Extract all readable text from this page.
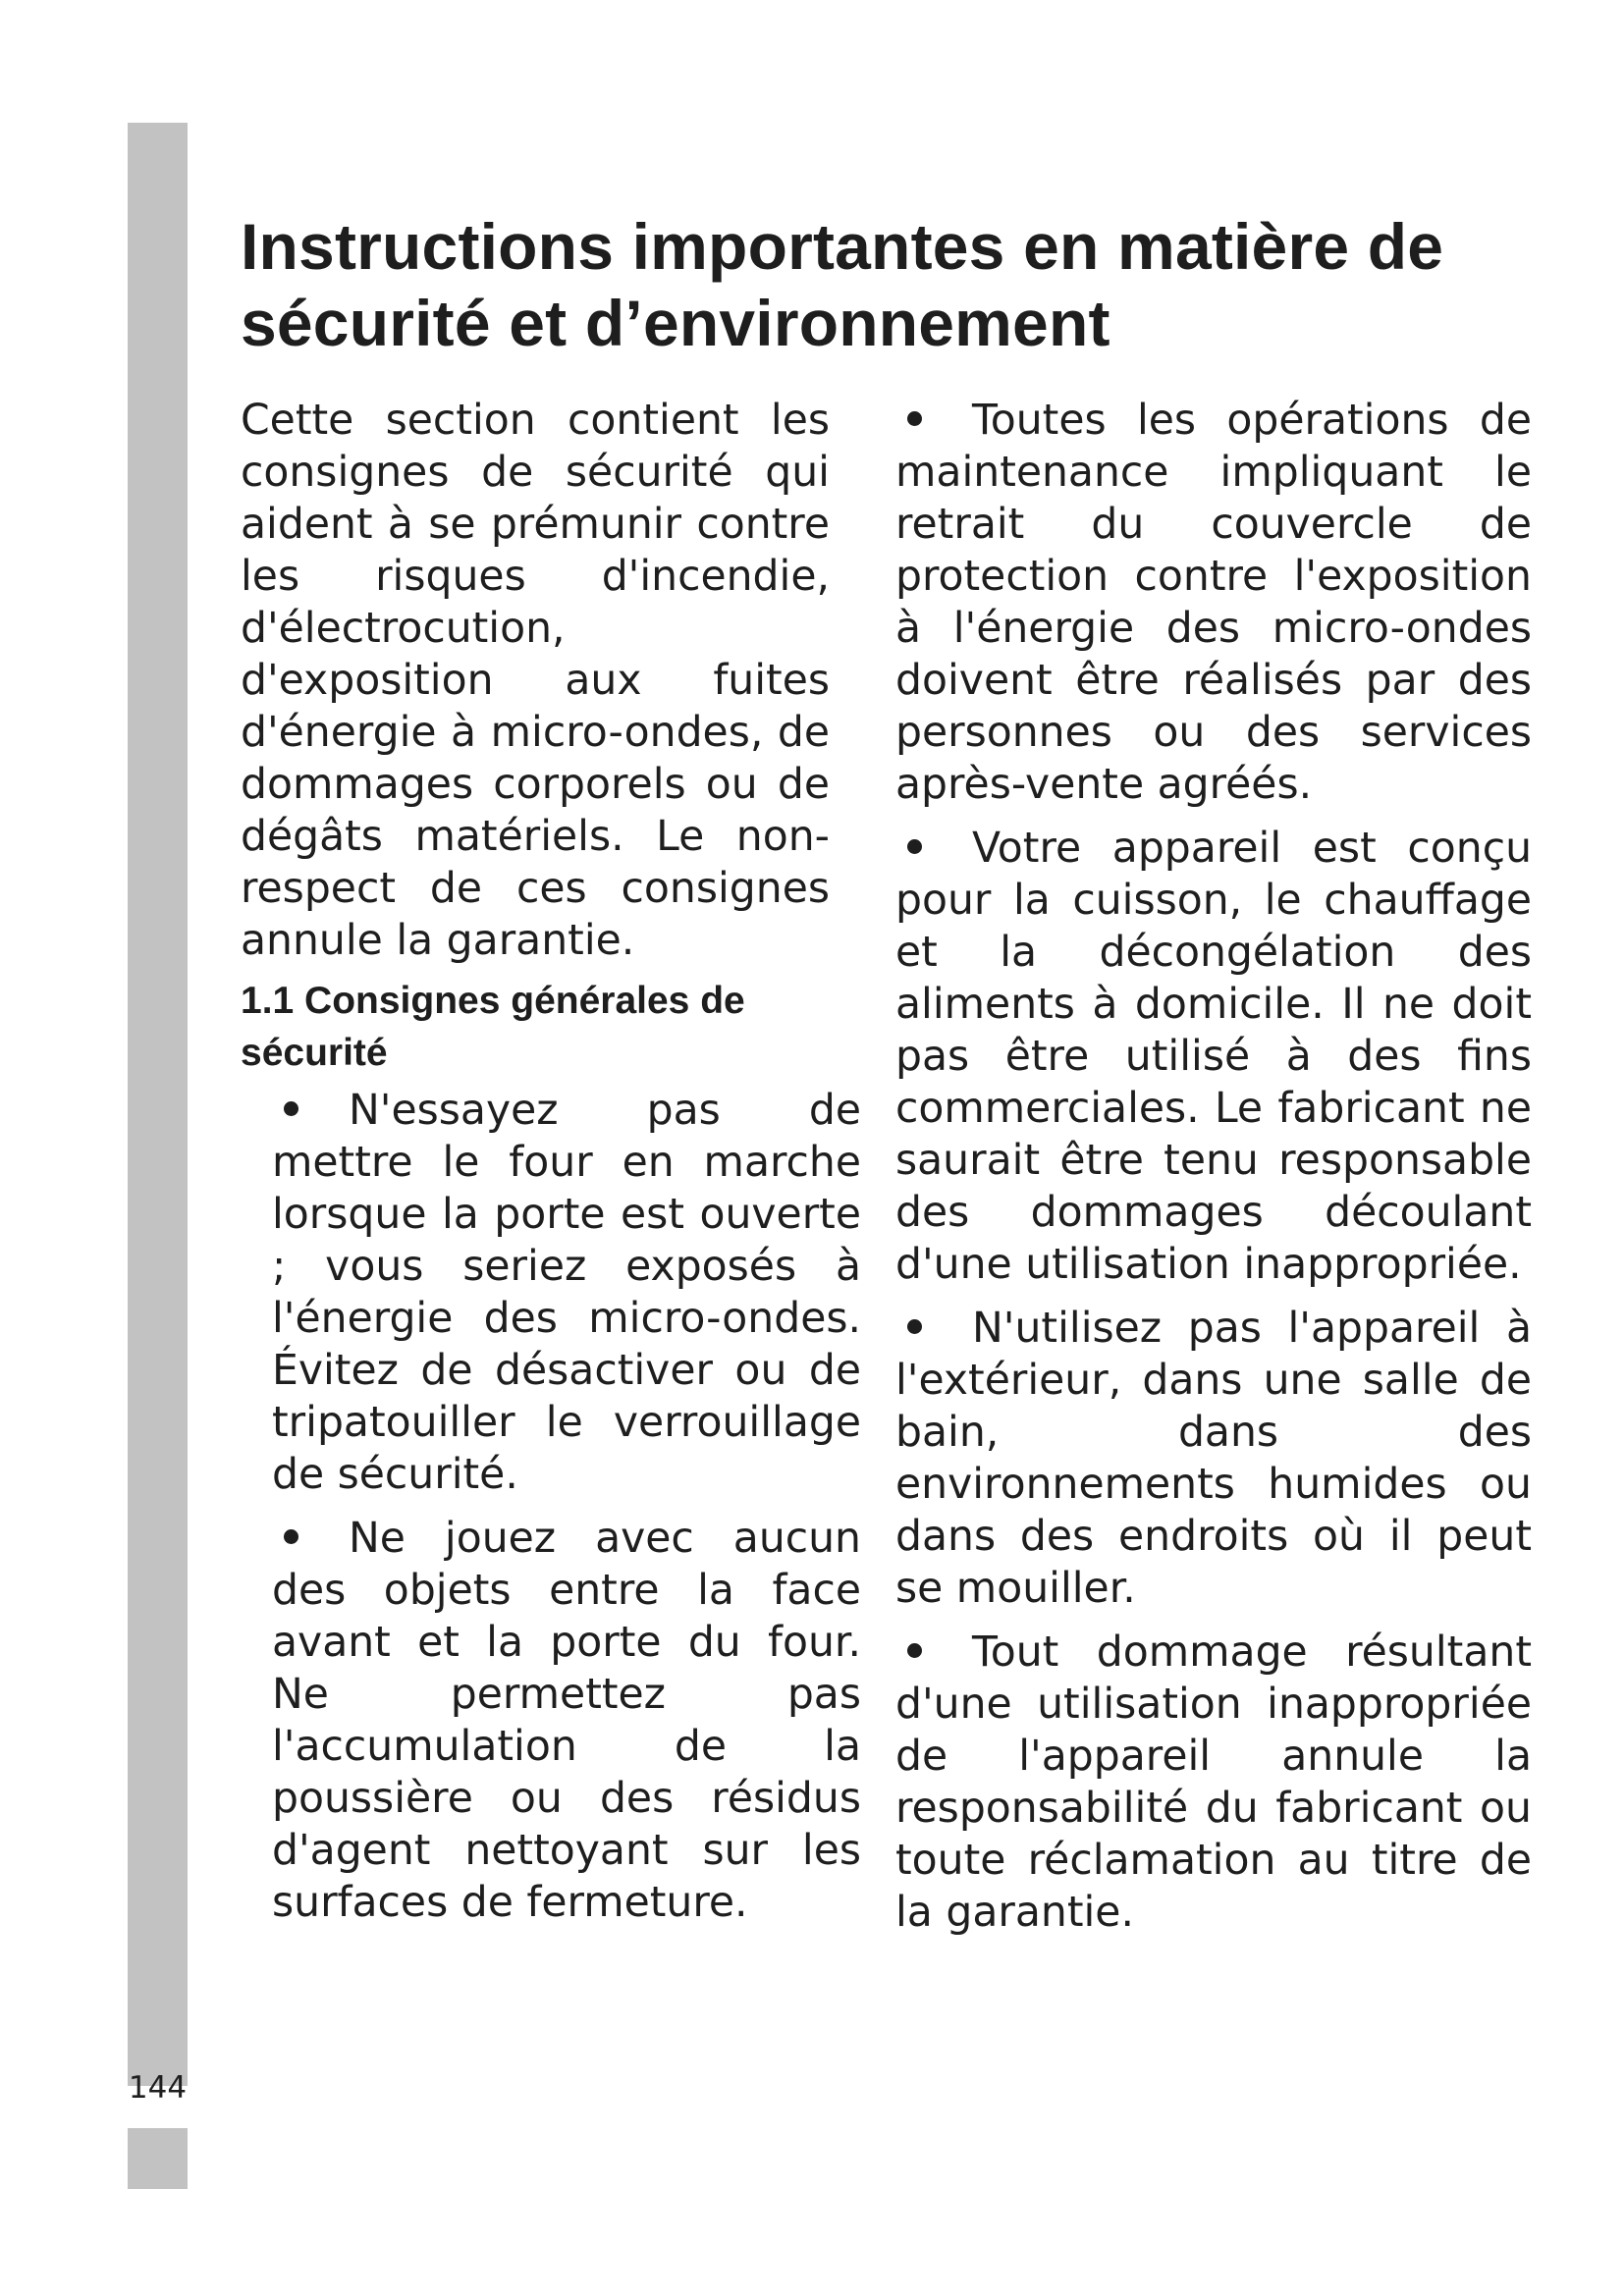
144
Instructions importantes en matière de
sécurité et d’environnement

Cette section contient les consignes de sécurité qui aident à se prémunir contre les risques d'incendie, d'électrocution, d'exposition aux fuites d'énergie à micro-ondes, de dommages corporels ou de dégâts matériels. Le non-respect de ces consignes annule la garantie.

1.1 Consignes générales de sécurité

N'essayez pas de mettre le four en marche lorsque la porte est ouverte ; vous seriez exposés à l'énergie des micro-ondes. Évitez de désactiver ou de tripatouiller le verrouillage de sécurité.

Ne jouez avec aucun des objets entre la face avant et la porte du four. Ne permettez pas l'accumulation de la poussière ou des résidus d'agent nettoyant sur les surfaces de fermeture.

Toutes les opérations de maintenance impliquant le retrait du couvercle de protection contre l'exposition à l'énergie des micro-ondes doivent être réalisés par des personnes ou des services après-vente agréés.

Votre appareil est conçu pour la cuisson, le chauffage et la décongélation des aliments à domicile. Il ne doit pas être utilisé à des fins commerciales. Le fabricant ne saurait être tenu responsable des dommages découlant d'une utilisation inappropriée.

N'utilisez pas l'appareil à l'extérieur, dans une salle de bain, dans des environnements humides ou dans des endroits où il peut se mouiller.

Tout dommage résultant d'une utilisation inappropriée de l'appareil annule la responsabilité du fabricant ou toute réclamation au titre de la garantie.
